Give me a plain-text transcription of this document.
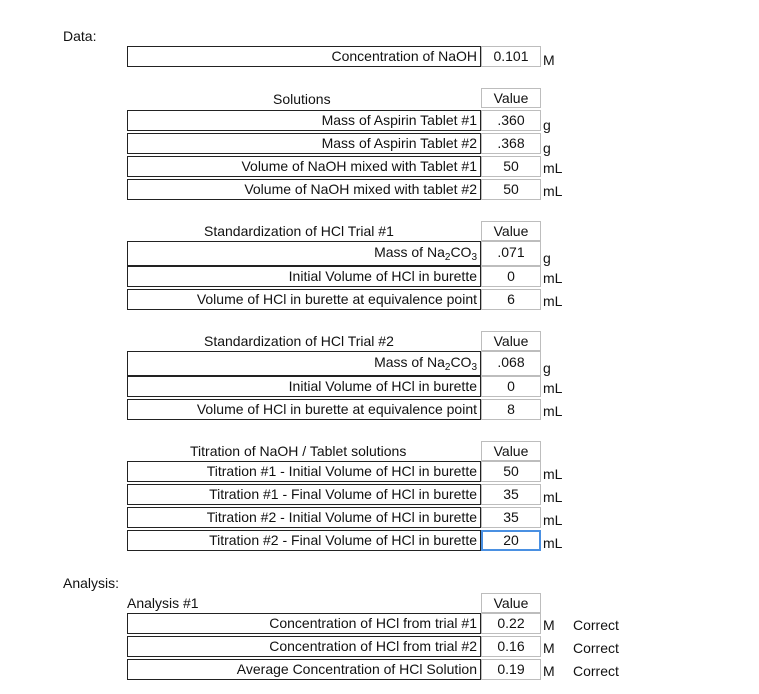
Data:
Concentration of NaOH	0.101	M
Solutions	Value
Mass of Aspirin Tablet #1	.360	g
Mass of Aspirin Tablet #2	.368	g
Volume of NaOH mixed with Tablet #1	50	mL
Volume of NaOH mixed with tablet #2	50	mL
Standardization of HCl Trial #1	Value
Mass of $Na_2CO_3$	.071	g
Initial Volume of HCl in burette	0	mL
Volume of HCl in burette at equivalence point	6	mL
Standardization of HCl Trial #2	Value
Mass of $Na_2CO_3$	.068	g
Initial Volume of HCl in burette	0	mL
Volume of HCl in burette at equivalence point	8	mL
Titration of NaOH / Tablet solutions	Value
Titration #1 - Initial Volume of HCl in burette	50	mL
Titration #1 - Final Volume of HCl in burette	35	mL
Titration #2 - Initial Volume of HCl in burette	35	mL
Titration #2 - Final Volume of HCl in burette	20	mL
Analysis:
Analysis #1	Value
Concentration of HCl from trial #1	0.22	M Correct
Concentration of HCl from trial #2	0.16	M Correct
Average Concentration of HCl Solution	0.19	M Correct
